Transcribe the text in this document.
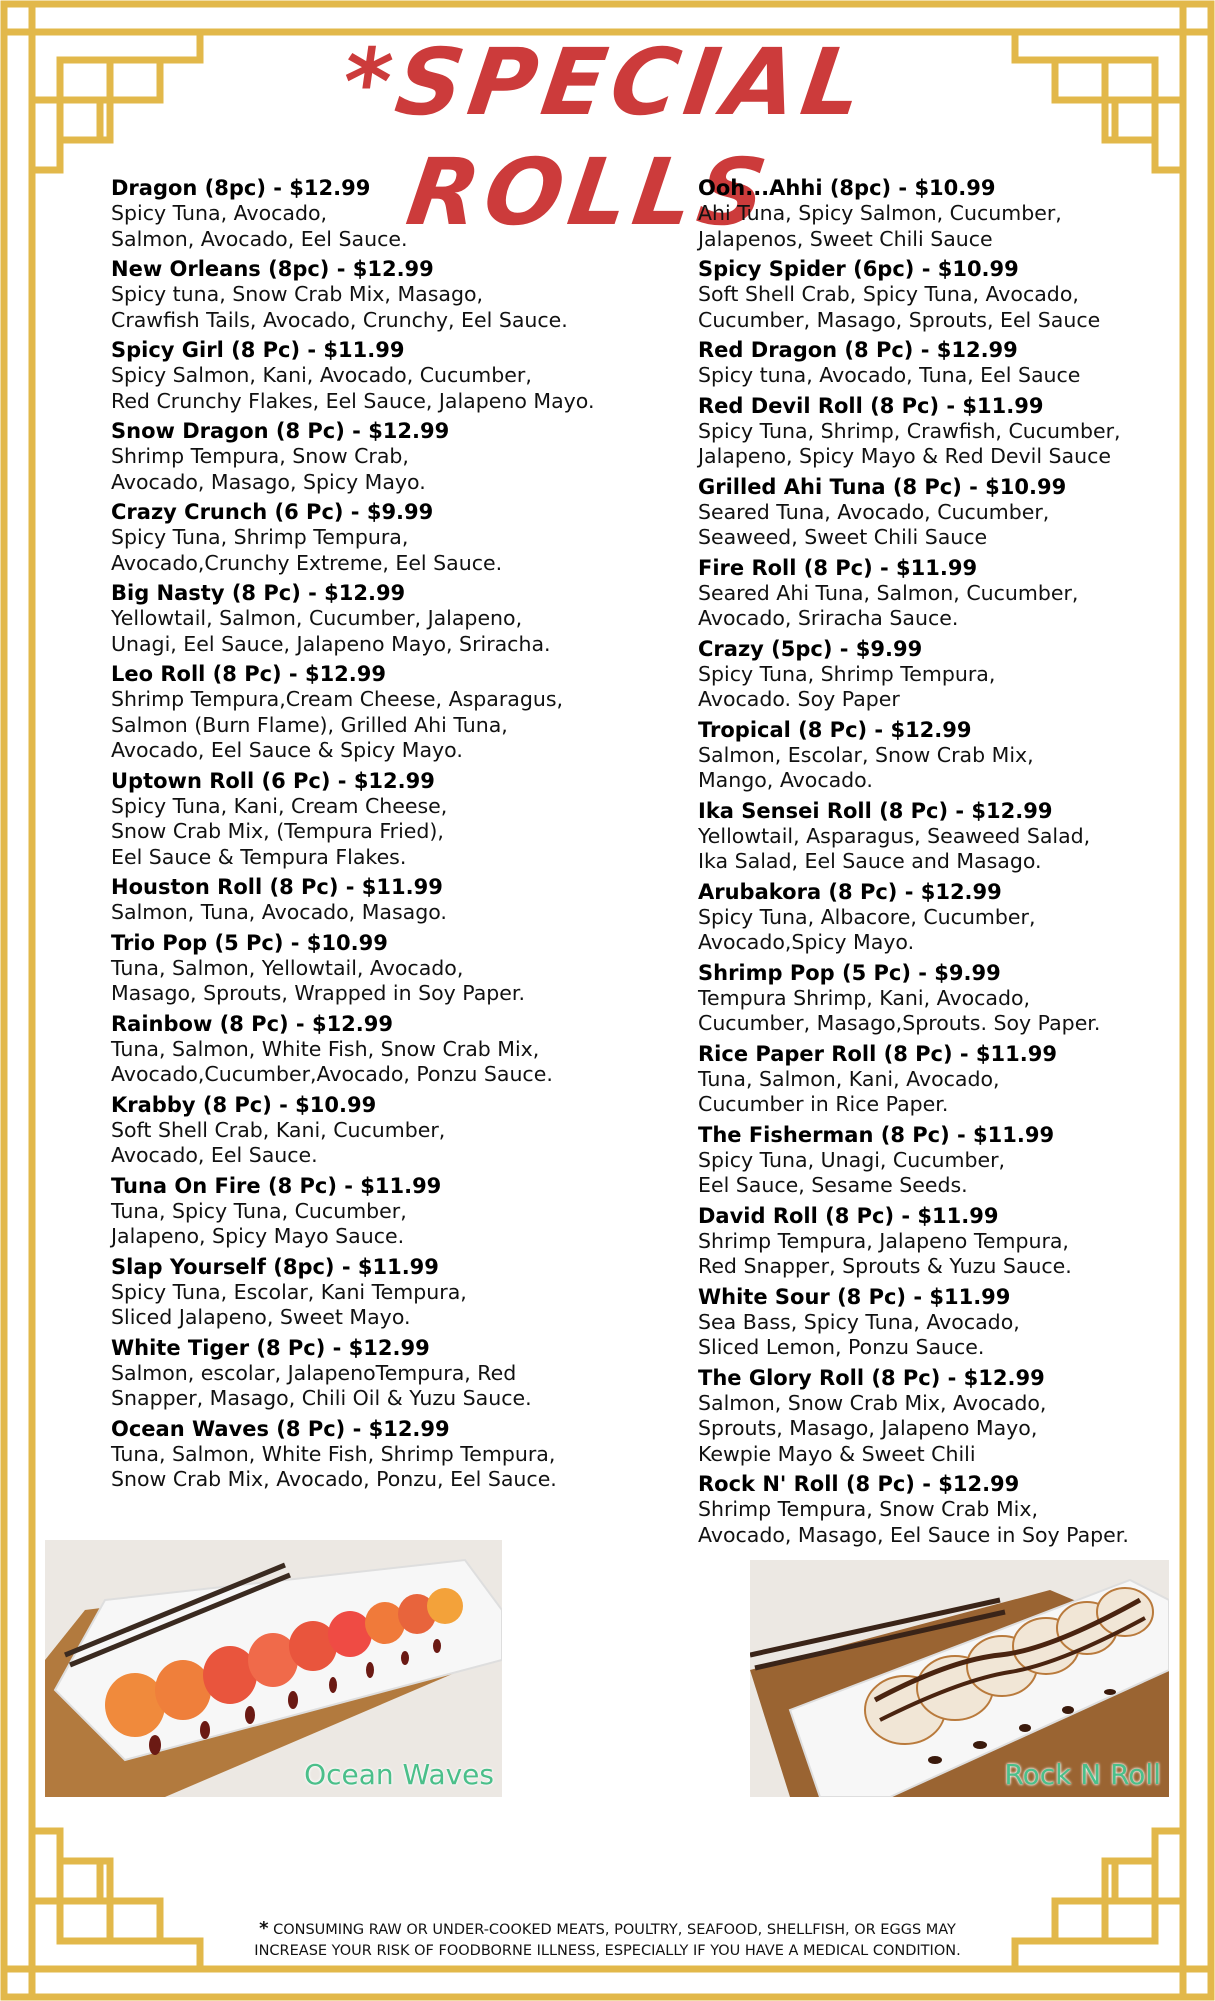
*SPECIAL ROLLS
Dragon (8pc) - $12.99
Spicy Tuna, Avocado,
Salmon, Avocado, Eel Sauce.
New Orleans (8pc) - $12.99
Spicy tuna, Snow Crab Mix, Masago,
Crawfish Tails, Avocado, Crunchy, Eel Sauce.
Spicy Girl (8 Pc) - $11.99
Spicy Salmon, Kani, Avocado, Cucumber,
Red Crunchy Flakes, Eel Sauce, Jalapeno Mayo.
Snow Dragon (8 Pc) - $12.99
Shrimp Tempura, Snow Crab,
Avocado, Masago, Spicy Mayo.
Crazy Crunch (6 Pc) - $9.99
Spicy Tuna, Shrimp Tempura,
Avocado,Crunchy Extreme, Eel Sauce.
Big Nasty (8 Pc) - $12.99
Yellowtail, Salmon, Cucumber, Jalapeno,
Unagi, Eel Sauce, Jalapeno Mayo, Sriracha.
Leo Roll (8 Pc) - $12.99
Shrimp Tempura,Cream Cheese, Asparagus,
Salmon (Burn Flame), Grilled Ahi Tuna,
Avocado, Eel Sauce & Spicy Mayo.
Uptown Roll (6 Pc) - $12.99
Spicy Tuna, Kani, Cream Cheese,
Snow Crab Mix, (Tempura Fried),
Eel Sauce & Tempura Flakes.
Houston Roll (8 Pc) - $11.99
Salmon, Tuna, Avocado, Masago.
Trio Pop (5 Pc) - $10.99
Tuna, Salmon, Yellowtail, Avocado,
Masago, Sprouts, Wrapped in Soy Paper.
Rainbow (8 Pc) - $12.99
Tuna, Salmon, White Fish, Snow Crab Mix,
Avocado,Cucumber,Avocado, Ponzu Sauce.
Krabby (8 Pc) - $10.99
Soft Shell Crab, Kani, Cucumber,
Avocado, Eel Sauce.
Tuna On Fire (8 Pc) - $11.99
Tuna, Spicy Tuna, Cucumber,
Jalapeno, Spicy Mayo Sauce.
Slap Yourself (8pc) - $11.99
Spicy Tuna, Escolar, Kani Tempura,
Sliced Jalapeno, Sweet Mayo.
White Tiger (8 Pc) - $12.99
Salmon, escolar, JalapenoTempura, Red
Snapper, Masago, Chili Oil & Yuzu Sauce.
Ocean Waves (8 Pc) - $12.99
Tuna, Salmon, White Fish, Shrimp Tempura,
Snow Crab Mix, Avocado, Ponzu, Eel Sauce.
Ooh...Ahhi (8pc) - $10.99
Ahi Tuna, Spicy Salmon, Cucumber,
Jalapenos, Sweet Chili Sauce
Spicy Spider (6pc) - $10.99
Soft Shell Crab, Spicy Tuna, Avocado,
Cucumber, Masago, Sprouts, Eel Sauce
Red Dragon (8 Pc) - $12.99
Spicy tuna, Avocado, Tuna, Eel Sauce
Red Devil Roll (8 Pc) - $11.99
Spicy Tuna, Shrimp, Crawfish, Cucumber,
Jalapeno, Spicy Mayo & Red Devil Sauce
Grilled Ahi Tuna (8 Pc) - $10.99
Seared Tuna, Avocado, Cucumber,
Seaweed, Sweet Chili Sauce
Fire Roll (8 Pc) - $11.99
Seared Ahi Tuna, Salmon, Cucumber,
Avocado, Sriracha Sauce.
Crazy (5pc) - $9.99
Spicy Tuna, Shrimp Tempura,
Avocado. Soy Paper
Tropical (8 Pc) - $12.99
Salmon, Escolar, Snow Crab Mix,
Mango, Avocado.
Ika Sensei Roll (8 Pc) - $12.99
Yellowtail, Asparagus, Seaweed Salad,
Ika Salad, Eel Sauce and Masago.
Arubakora (8 Pc) - $12.99
Spicy Tuna, Albacore, Cucumber,
Avocado,Spicy Mayo.
Shrimp Pop (5 Pc) - $9.99
Tempura Shrimp, Kani, Avocado,
Cucumber, Masago,Sprouts. Soy Paper.
Rice Paper Roll (8 Pc) - $11.99
Tuna, Salmon, Kani, Avocado,
Cucumber in Rice Paper.
The Fisherman (8 Pc) - $11.99
Spicy Tuna, Unagi, Cucumber,
Eel Sauce, Sesame Seeds.
David Roll (8 Pc) - $11.99
Shrimp Tempura, Jalapeno Tempura,
Red Snapper, Sprouts & Yuzu Sauce.
White Sour (8 Pc) - $11.99
Sea Bass, Spicy Tuna, Avocado,
Sliced Lemon, Ponzu Sauce.
The Glory Roll (8 Pc) - $12.99
Salmon, Snow Crab Mix, Avocado,
Sprouts, Masago, Jalapeno Mayo,
Kewpie Mayo & Sweet Chili
Rock N' Roll (8 Pc) - $12.99
Shrimp Tempura, Snow Crab Mix,
Avocado, Masago, Eel Sauce in Soy Paper.
Ocean Waves	Rock N Roll
* CONSUMING RAW OR UNDER-COOKED MEATS, POULTRY, SEAFOOD, SHELLFISH, OR EGGS MAY
INCREASE YOUR RISK OF FOODBORNE ILLNESS, ESPECIALLY IF YOU HAVE A MEDICAL CONDITION.
